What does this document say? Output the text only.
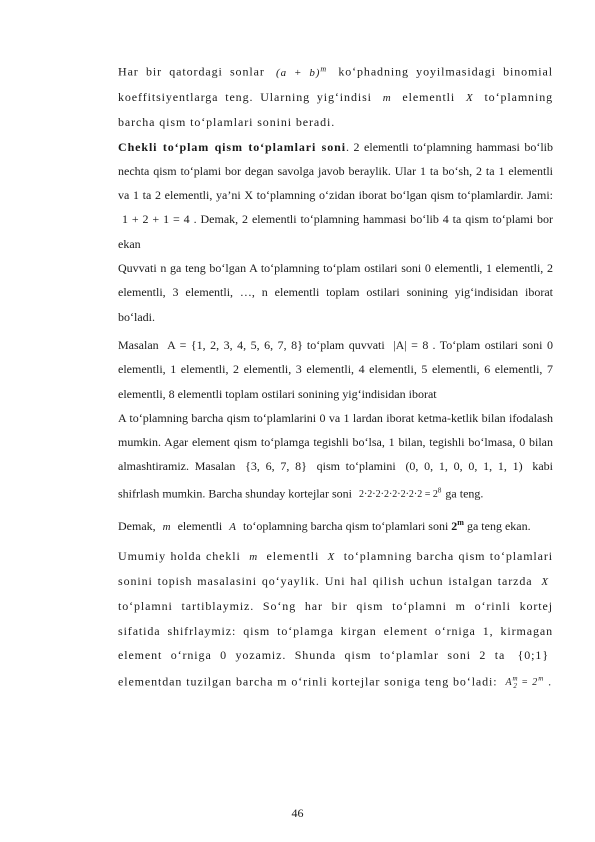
Har bir qatordagi sonlar $(a + b)^m$ ko‘phadning yoyilmasidagi binomial koeffitsiyentlarga teng. Ularning yig‘indisi m elementli X to‘plamning barcha qism to‘plamlari sonini beradi.

Chekli to‘plam qism to‘plamlari soni. 2 elementli to‘plamning hammasi bo‘lib nechta qism to‘plami bor degan savolga javob beraylik. Ular 1 ta bo‘sh, 2 ta 1 elementli va 1 ta 2 elementli, ya’ni X to‘plamning o‘zidan iborat bo‘lgan qism to‘plamlardir. Jami: 1 + 2 + 1 = 4 . Demak, 2 elementli to‘plamning hammasi bo‘lib 4 ta qism to‘plami bor ekan

Quvvati n ga teng bo‘lgan A to‘plamning to‘plam ostilari soni 0 elementli, 1 elementli, 2 elementli, 3 elementli, …, n elementli toplam ostilari sonining yig‘indisidan iborat bo‘ladi.

Masalan A = {1, 2, 3, 4, 5, 6, 7, 8} to‘plam quvvati |A| = 8 . To‘plam ostilari soni 0 elementli, 1 elementli, 2 elementli, 3 elementli, 4 elementli, 5 elementli, 6 elementli, 7 elementli, 8 elementli toplam ostilari sonining yig‘indisidan iborat

A to‘plamning barcha qism to‘plamlarini 0 va 1 lardan iborat ketma-ketlik bilan ifodalash mumkin. Agar element qism to‘plamga tegishli bo‘lsa, 1 bilan, tegishli bo‘lmasa, 0 bilan almashtiramiz. Masalan {3, 6, 7, 8} qism to‘plamini (0, 0, 1, 0, 0, 1, 1, 1) kabi shifrlash mumkin. Barcha shunday kortejlar soni $2\cdot 2\cdot 2\cdot 2\cdot 2\cdot 2\cdot 2\cdot 2 = 2^8$ ga teng.

Demak, m elementli A to‘oplamning barcha qism to‘plamlari soni 2$^m$ ga teng ekan.

Umumiy holda chekli m elementli X to‘plamning barcha qism to‘plamlari sonini topish masalasini qo‘yaylik. Uni hal qilish uchun istalgan tarzda X to‘plamni tartiblaymiz. So‘ng har bir qism to‘plamni m o‘rinli kortej sifatida shifrlaymiz: qism to‘plamga kirgan element o‘rniga 1, kirmagan element o‘rniga 0 yozamiz. Shunda qism to‘plamlar soni 2 ta {0;1} elementdan tuzilgan barcha m o‘rinli kortejlar soniga teng bo‘ladi: $A^m_2 = 2^m$ .

46
